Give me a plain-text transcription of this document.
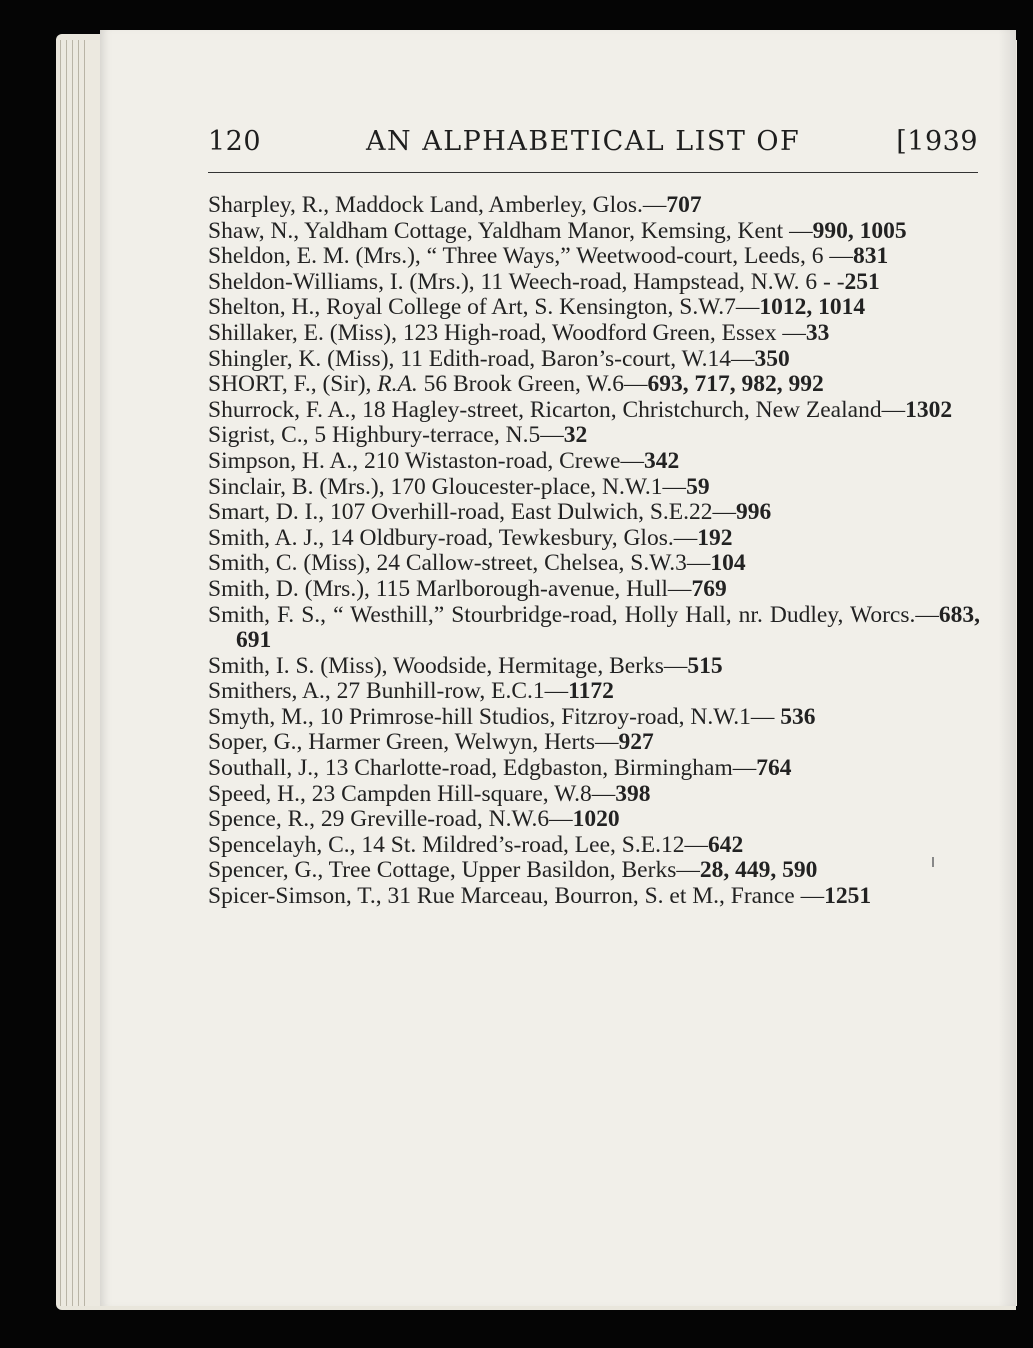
120	AN ALPHABETICAL LIST OF	[1939
Sharpley, R., Maddock Land, Amberley, Glos.—707
Shaw, N., Yaldham Cottage, Yaldham Manor, Kemsing, Kent —990, 1005
Sheldon, E. M. (Mrs.), “ Three Ways,” Weetwood-court, Leeds, 6 —831
Sheldon-Williams, I. (Mrs.), 11 Weech-road, Hampstead, N.W. 6 - -251
Shelton, H., Royal College of Art, S. Kensington, S.W.7—1012, 1014
Shillaker, E. (Miss), 123 High-road, Woodford Green, Essex —33
Shingler, K. (Miss), 11 Edith-road, Baron’s-court, W.14—350
SHORT, F., (Sir), R.A. 56 Brook Green, W.6—693, 717, 982, 992
Shurrock, F. A., 18 Hagley-street, Ricarton, Christchurch, New Zealand—1302
Sigrist, C., 5 Highbury-terrace, N.5—32
Simpson, H. A., 210 Wistaston-road, Crewe—342
Sinclair, B. (Mrs.), 170 Gloucester-place, N.W.1—59
Smart, D. I., 107 Overhill-road, East Dulwich, S.E.22—996
Smith, A. J., 14 Oldbury-road, Tewkesbury, Glos.—192
Smith, C. (Miss), 24 Callow-street, Chelsea, S.W.3—104
Smith, D. (Mrs.), 115 Marlborough-avenue, Hull—769
Smith, F. S., “ Westhill,” Stourbridge-road, Holly Hall, nr. Dudley, Worcs.—683, 691
Smith, I. S. (Miss), Woodside, Hermitage, Berks—515
Smithers, A., 27 Bunhill-row, E.C.1—1172
Smyth, M., 10 Primrose-hill Studios, Fitzroy-road, N.W.1— 536
Soper, G., Harmer Green, Welwyn, Herts—927
Southall, J., 13 Charlotte-road, Edgbaston, Birmingham—764
Speed, H., 23 Campden Hill-square, W.8—398
Spence, R., 29 Greville-road, N.W.6—1020
Spencelayh, C., 14 St. Mildred’s-road, Lee, S.E.12—642
Spencer, G., Tree Cottage, Upper Basildon, Berks—28, 449, 590
Spicer-Simson, T., 31 Rue Marceau, Bourron, S. et M., France —1251
